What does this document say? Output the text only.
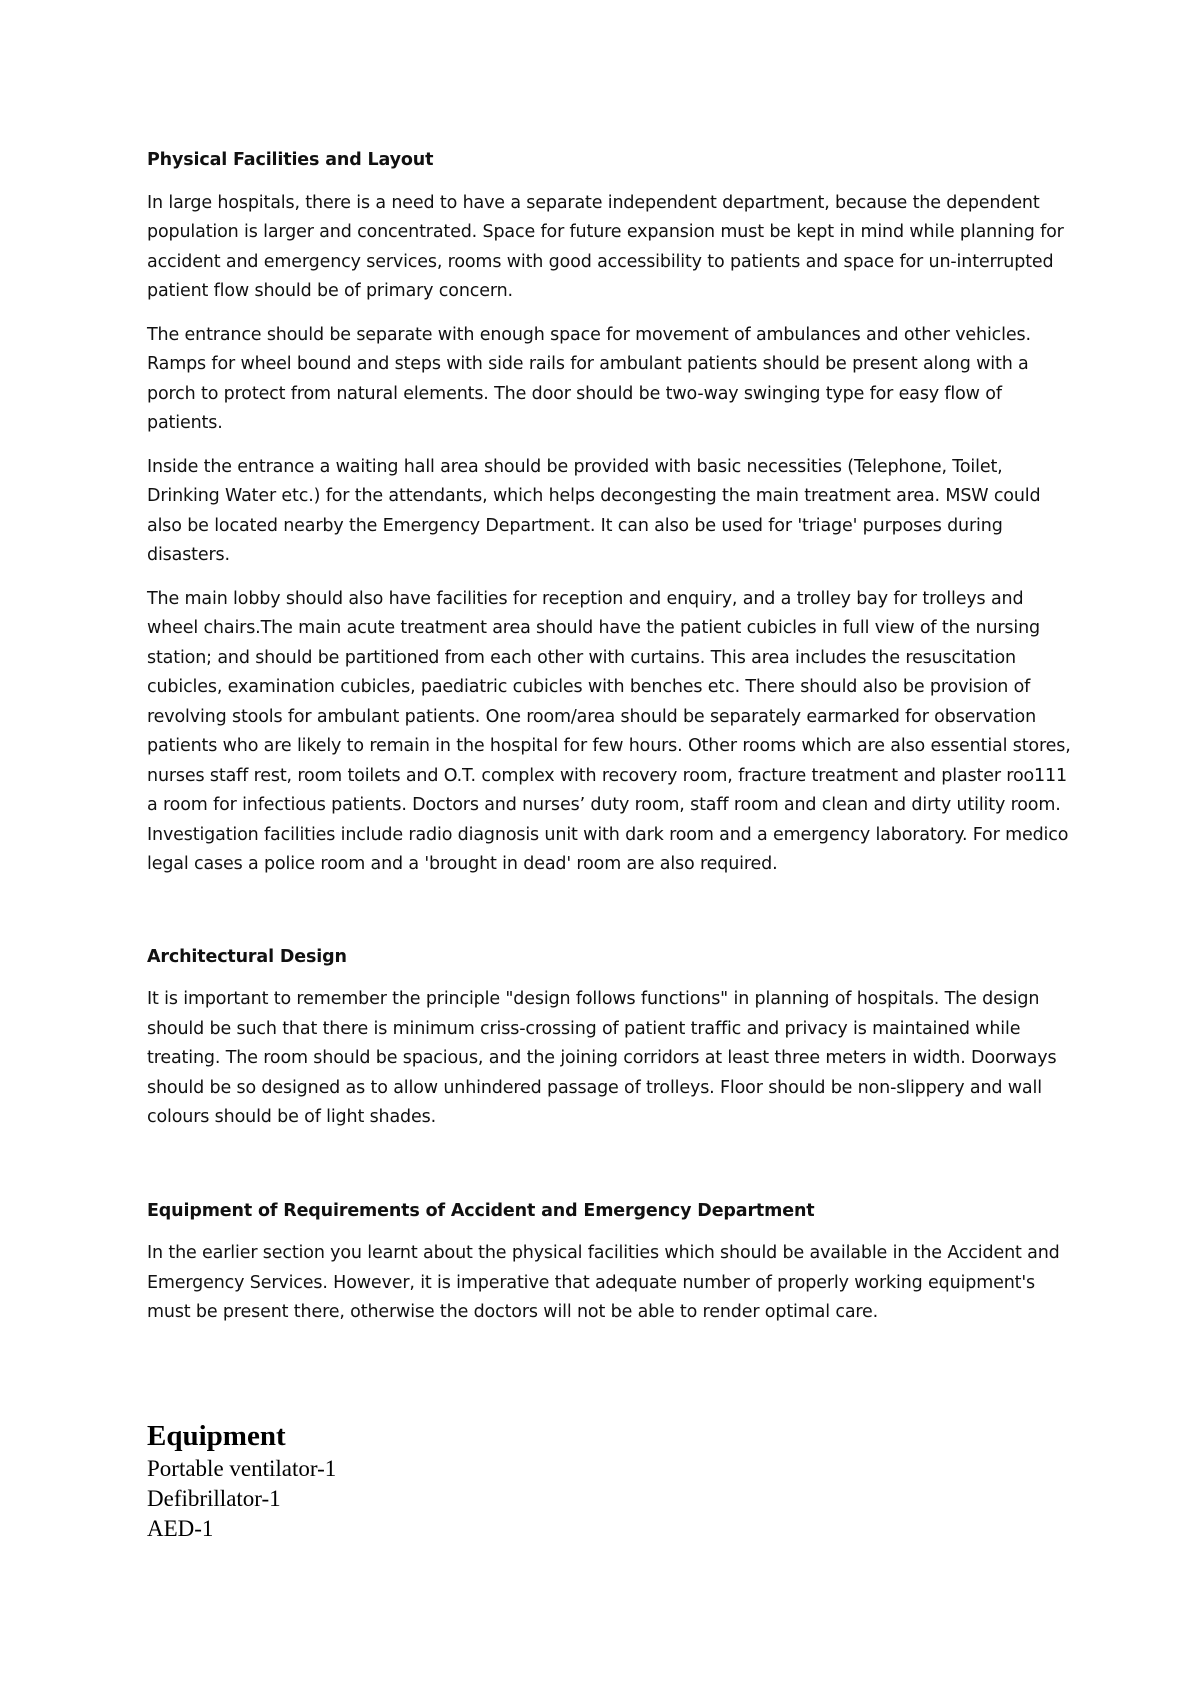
Physical Facilities and Layout

In large hospitals, there is a need to have a separate independent department, because the dependent population is larger and concentrated. Space for future expansion must be kept in mind while planning for accident and emergency services, rooms with good accessibility to patients and space for un-interrupted patient flow should be of primary concern.

The entrance should be separate with enough space for movement of ambulances and other vehicles. Ramps for wheel bound and steps with side rails for ambulant patients should be present along with a porch to protect from natural elements. The door should be two-way swinging type for easy flow of patients.

Inside the entrance a waiting hall area should be provided with basic necessities (Telephone, Toilet, Drinking Water etc.) for the attendants, which helps decongesting the main treatment area. MSW could also be located nearby the Emergency Department. It can also be used for 'triage' purposes during disasters.

The main lobby should also have facilities for reception and enquiry, and a trolley bay for trolleys and wheel chairs.The main acute treatment area should have the patient cubicles in full view of the nursing station; and should be partitioned from each other with curtains. This area includes the resuscitation cubicles, examination cubicles, paediatric cubicles with benches etc. There should also be provision of revolving stools for ambulant patients. One room/area should be separately earmarked for observation patients who are likely to remain in the hospital for few hours. Other rooms which are also essential stores, nurses staff rest, room toilets and O.T. complex with recovery room, fracture treatment and plaster roo111 a room for infectious patients. Doctors and nurses’ duty room, staff room and clean and dirty utility room. Investigation facilities include radio diagnosis unit with dark room and a emergency laboratory. For medico legal cases a police room and a 'brought in dead' room are also required.

Architectural Design

It is important to remember the principle "design follows functions" in planning of hospitals. The design should be such that there is minimum criss-crossing of patient traffic and privacy is maintained while treating. The room should be spacious, and the joining corridors at least three meters in width. Doorways should be so designed as to allow unhindered passage of trolleys. Floor should be non-slippery and wall colours should be of light shades.

Equipment of Requirements of Accident and Emergency Department

In the earlier section you learnt about the physical facilities which should be available in the Accident and Emergency Services. However, it is imperative that adequate number of properly working equipment's must be present there, otherwise the doctors will not be able to render optimal care.

Equipment
Portable ventilator-1
Defibrillator-1
AED-1
